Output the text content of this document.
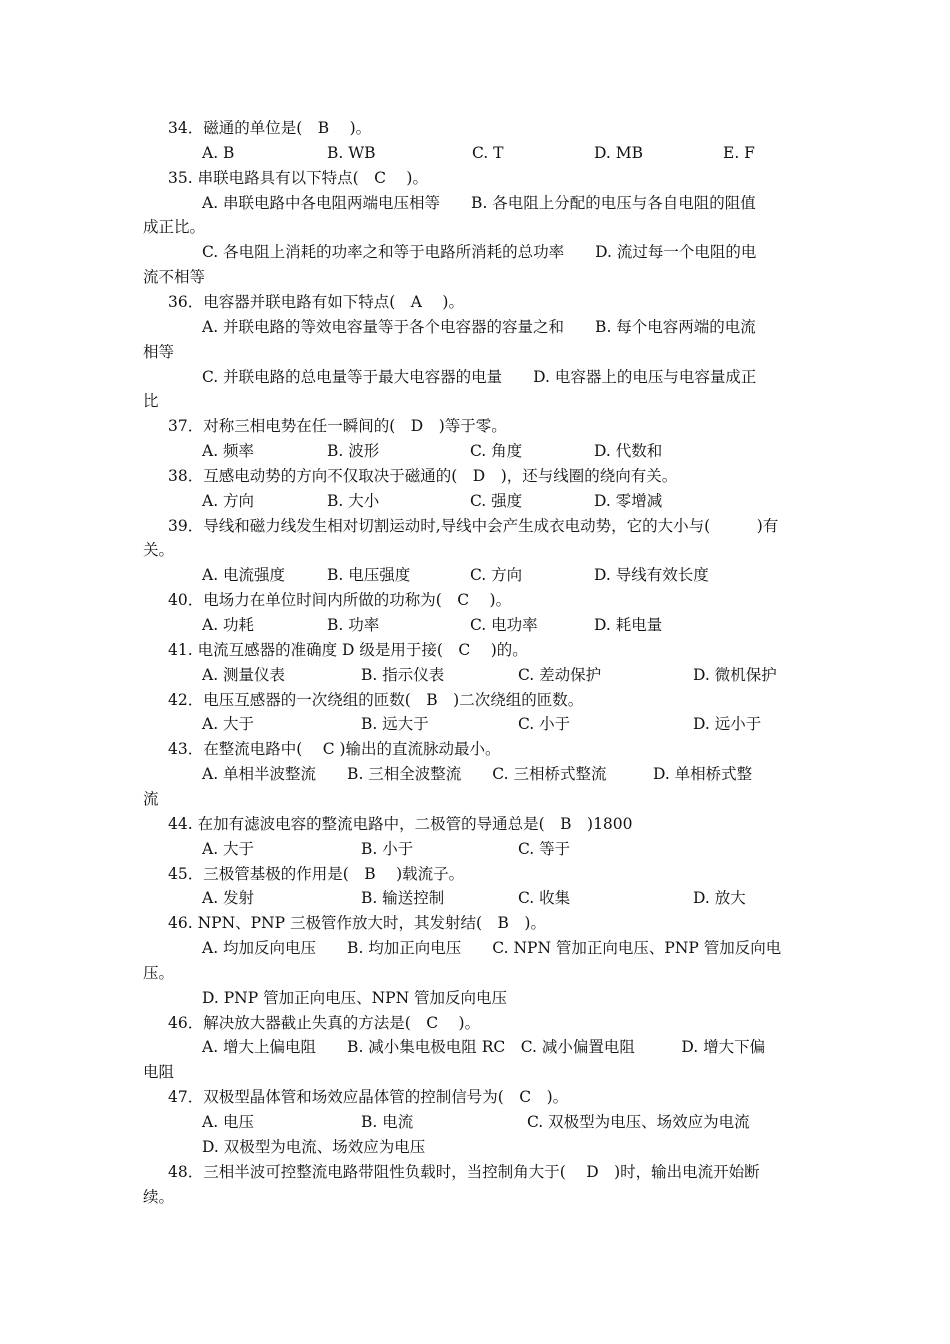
34．磁通的单位是(　B　 )。
A. B	B. WB	C. T	D. MB	E. F
35. 串联电路具有以下特点(　C　 )。
A. 串联电路中各电阻两端电压相等　　B. 各电阻上分配的电压与各自电阻的阻值
成正比。
C. 各电阻上消耗的功率之和等于电路所消耗的总功率　　D. 流过每一个电阻的电
流不相等
36．电容器并联电路有如下特点(　A　 )。
A. 并联电路的等效电容量等于各个电容器的容量之和　　B. 每个电容两端的电流
相等
C. 并联电路的总电量等于最大电容器的电量　　D. 电容器上的电压与电容量成正
比
37．对称三相电势在任一瞬间的(　D　)等于零。
A. 频率	B. 波形	C. 角度	D. 代数和
38．互感电动势的方向不仅取决于磁通的(　D　)，还与线圈的绕向有关。
A. 方向	B. 大小	C. 强度	D. 零增减
39．导线和磁力线发生相对切割运动时,导线中会产生成衣电动势，它的大小与(　　　)有
关。
A. 电流强度	B. 电压强度	C. 方向	D. 导线有效长度
40．电场力在单位时间内所做的功称为(　C　 )。
A. 功耗	B. 功率	C. 电功率	D. 耗电量
41. 电流互感器的准确度 D 级是用于接(　C　 )的。
A. 测量仪表	B. 指示仪表	C. 差动保护	D. 微机保护
42．电压互感器的一次绕组的匝数(　B　)二次绕组的匝数。
A. 大于	B. 远大于	C. 小于	D. 远小于
43．在整流电路中(　 C )输出的直流脉动最小。
A. 单相半波整流　　B. 三相全波整流　　C. 三相桥式整流　　　D. 单相桥式整
流
44. 在加有滤波电容的整流电路中，二极管的导通总是(　B　)1800
A. 大于	B. 小于	C. 等于
45．三极管基极的作用是(　B　 )载流子。
A. 发射	B. 输送控制	C. 收集	D. 放大
46. NPN、PNP 三极管作放大时，其发射结(　B　)。
A. 均加反向电压　　B. 均加正向电压　　C. NPN 管加正向电压、PNP 管加反向电
压。
D. PNP 管加正向电压、NPN 管加反向电压
46．解决放大器截止失真的方法是(　C　 )。
A. 增大上偏电阻　　B. 减小集电极电阻 RC　C. 减小偏置电阻　　　D. 增大下偏
电阻
47．双极型晶体管和场效应晶体管的控制信号为(　C　)。
A. 电压	B. 电流	C. 双极型为电压、场效应为电流
D. 双极型为电流、场效应为电压
48．三相半波可控整流电路带阻性负载时，当控制角大于(　 D　)时，输出电流开始断
续。
